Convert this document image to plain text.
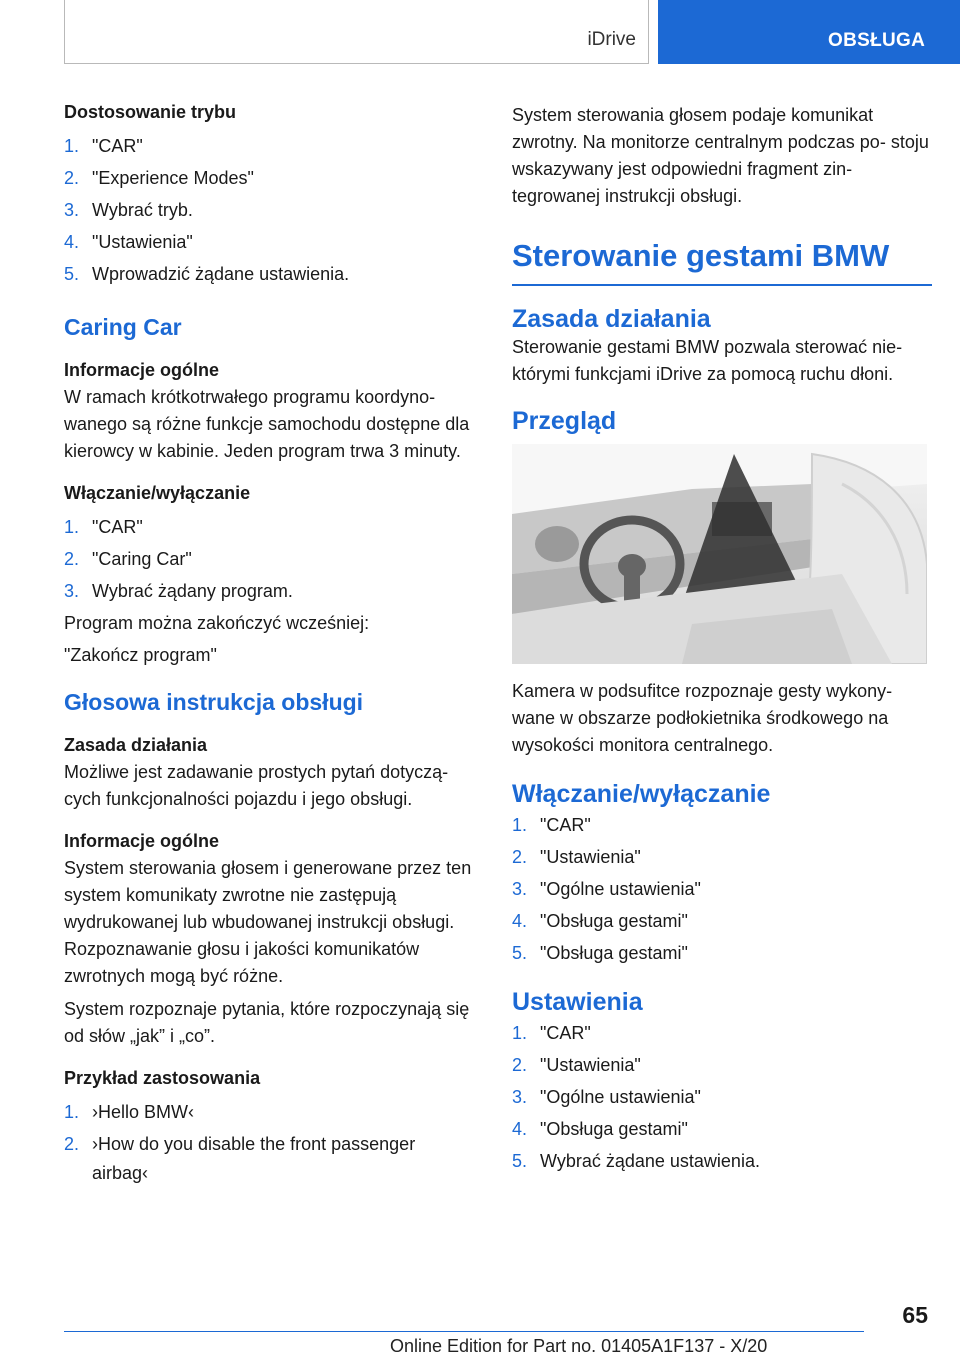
iDrive	OBSŁUGA
Dostosowanie trybu
1. "CAR"
2. "Experience Modes"
3. Wybrać tryb.
4. "Ustawienia"
5. Wprowadzić żądane ustawienia.
Caring Car
Informacje ogólne

W ramach krótkotrwałego programu koordyno- wanego są różne funkcje samochodu dostępne dla kierowcy w kabinie. Jeden program trwa 3 minuty.

Włączanie/wyłączanie
1. "CAR"
2. "Caring Car"
3. Wybrać żądany program.

Program można zakończyć wcześniej:

"Zakończ program"

Głosowa instrukcja obsługi
Zasada działania

Możliwe jest zadawanie prostych pytań dotyczą- cych funkcjonalności pojazdu i jego obsługi.

Informacje ogólne

System sterowania głosem i generowane przez ten system komunikaty zwrotne nie zastępują wydrukowanej lub wbudowanej instrukcji obsługi. Rozpoznawanie głosu i jakości komunikatów zwrotnych mogą być różne.

System rozpoznaje pytania, które rozpoczynają się od słów „jak” i „co”.

Przykład zastosowania
1. ›Hello BMW‹
2. ›How do you disable the front passenger
airbag‹

System sterowania głosem podaje komunikat zwrotny. Na monitorze centralnym podczas po- stoju wskazywany jest odpowiedni fragment zin- tegrowanej instrukcji obsługi.

Sterowanie gestami BMW
Zasada działania

Sterowanie gestami BMW pozwala sterować nie- którymi funkcjami iDrive za pomocą ruchu dłoni.

Przegląd

Kamera w podsufitce rozpoznaje gesty wykony- wane w obszarze podłokietnika środkowego na wysokości monitora centralnego.

Włączanie/wyłączanie
1. "CAR"
2. "Ustawienia"
3. "Ogólne ustawienia"
4. "Obsługa gestami"
5. "Obsługa gestami"
Ustawienia
1. "CAR"
2. "Ustawienia"
3. "Ogólne ustawienia"
4. "Obsługa gestami"
5. Wybrać żądane ustawienia.
65
Online Edition for Part no. 01405A1F137 - X/20
